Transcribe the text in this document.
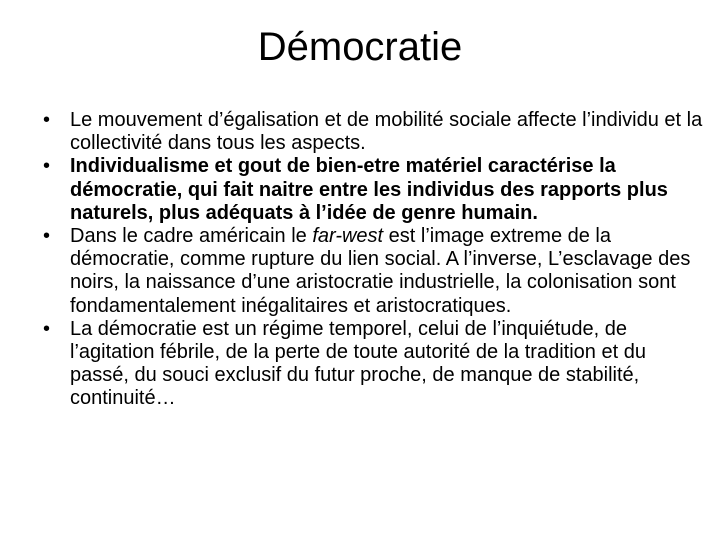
Démocratie
• Le mouvement d’égalisation et de mobilité sociale affecte l’individu et la collectivité dans tous les aspects.
• Individualisme et gout de bien-etre matériel caractérise la démocratie, qui fait naitre entre les individus des rapports plus naturels, plus adéquats à l’idée de genre humain.
• Dans le cadre américain le far-west est l’image extreme de la démocratie, comme rupture du lien social. A l’inverse, L’esclavage des noirs, la naissance d’une aristocratie industrielle, la colonisation sont fondamentalement inégalitaires et aristocratiques.
• La démocratie est un régime temporel, celui de l’inquiétude, de l’agitation fébrile, de la perte de toute autorité de la tradition et du passé, du souci exclusif du futur proche, de manque de stabilité, continuité…
